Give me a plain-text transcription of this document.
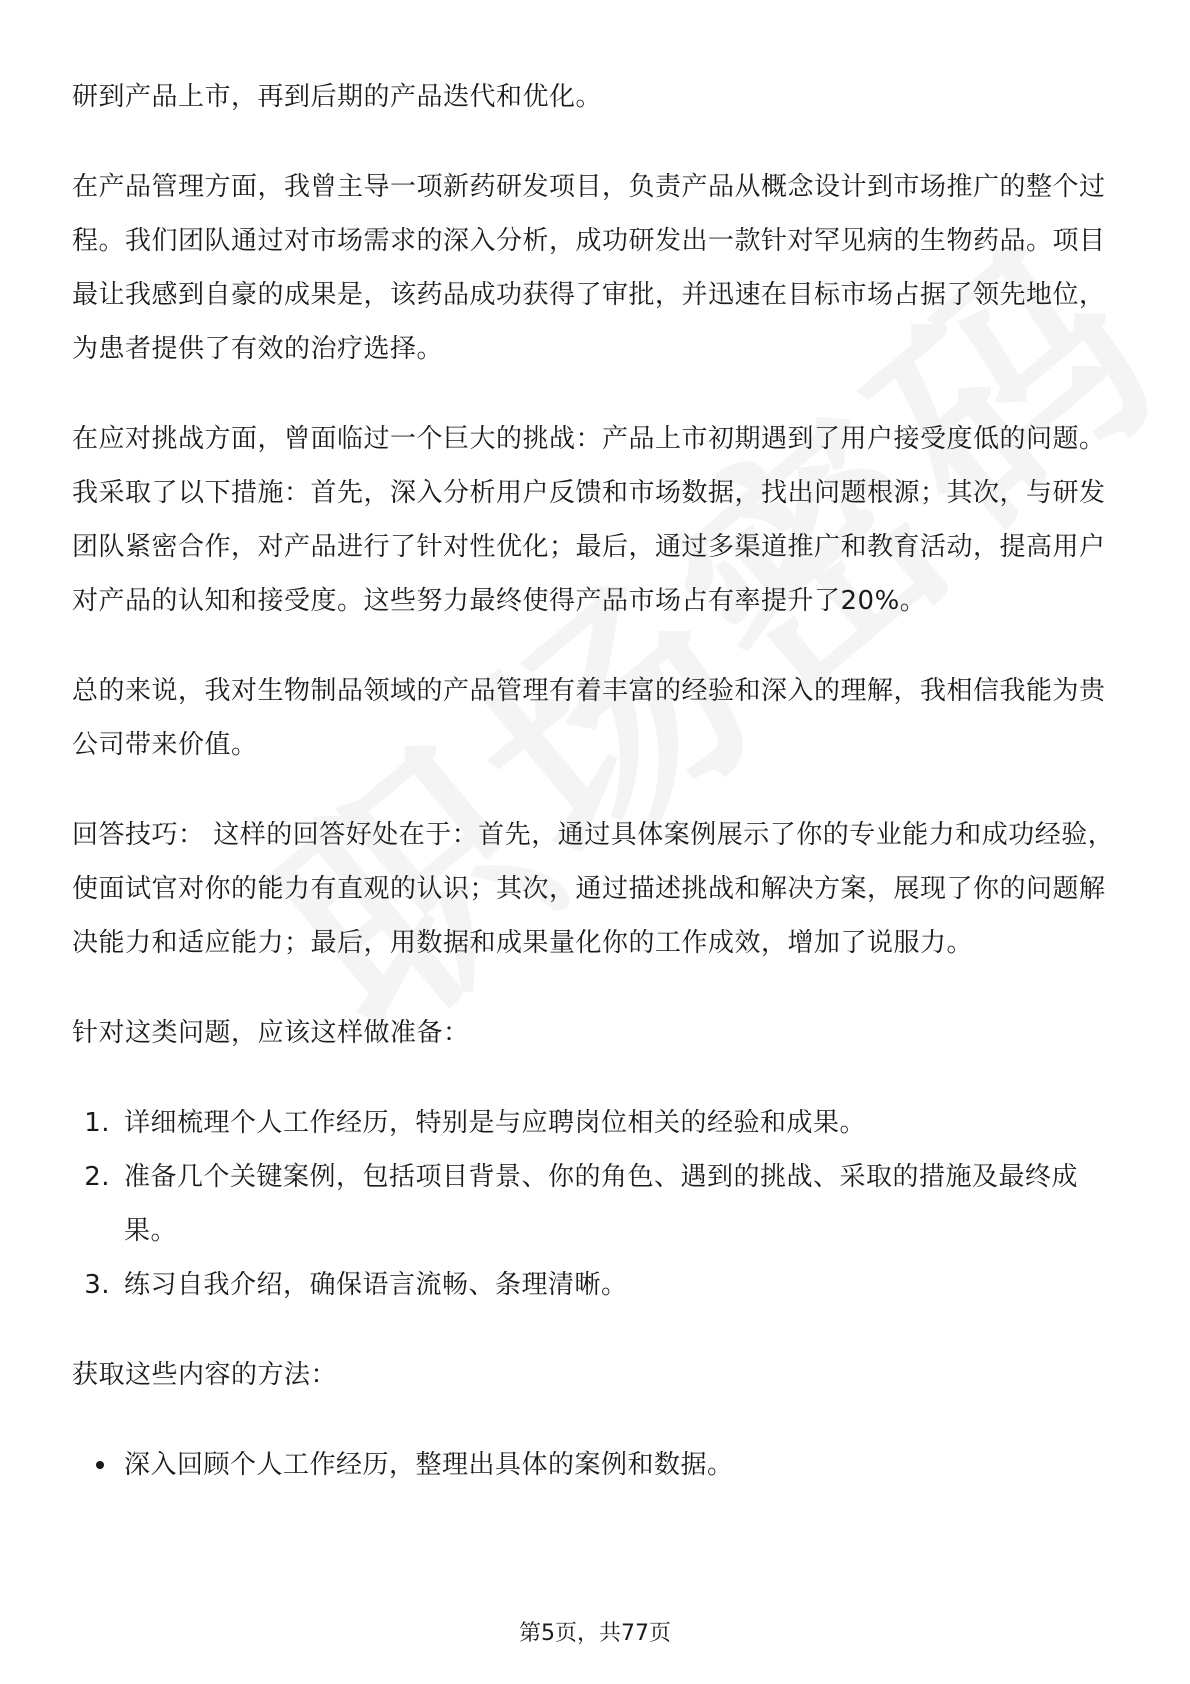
研到产品上市，再到后期的产品迭代和优化。

在产品管理方面，我曾主导一项新药研发项目，负责产品从概念设计到市场推广的整个过程。我们团队通过对市场需求的深入分析，成功研发出一款针对罕见病的生物药品。项目最让我感到自豪的成果是，该药品成功获得了审批，并迅速在目标市场占据了领先地位，为患者提供了有效的治疗选择。

在应对挑战方面，曾面临过一个巨大的挑战：产品上市初期遇到了用户接受度低的问题。我采取了以下措施：首先，深入分析用户反馈和市场数据，找出问题根源；其次，与研发团队紧密合作，对产品进行了针对性优化；最后，通过多渠道推广和教育活动，提高用户对产品的认知和接受度。这些努力最终使得产品市场占有率提升了20%。

总的来说，我对生物制品领域的产品管理有着丰富的经验和深入的理解，我相信我能为贵公司带来价值。

回答技巧： 这样的回答好处在于：首先，通过具体案例展示了你的专业能力和成功经验，使面试官对你的能力有直观的认识；其次，通过描述挑战和解决方案，展现了你的问题解决能力和适应能力；最后，用数据和成果量化你的工作成效，增加了说服力。

针对这类问题，应该这样做准备：

1. 详细梳理个人工作经历，特别是与应聘岗位相关的经验和成果。
2. 准备几个关键案例，包括项目背景、你的角色、遇到的挑战、采取的措施及最终成果。
3. 练习自我介绍，确保语言流畅、条理清晰。

获取这些内容的方法：

深入回顾个人工作经历，整理出具体的案例和数据。
第5页，共77页
